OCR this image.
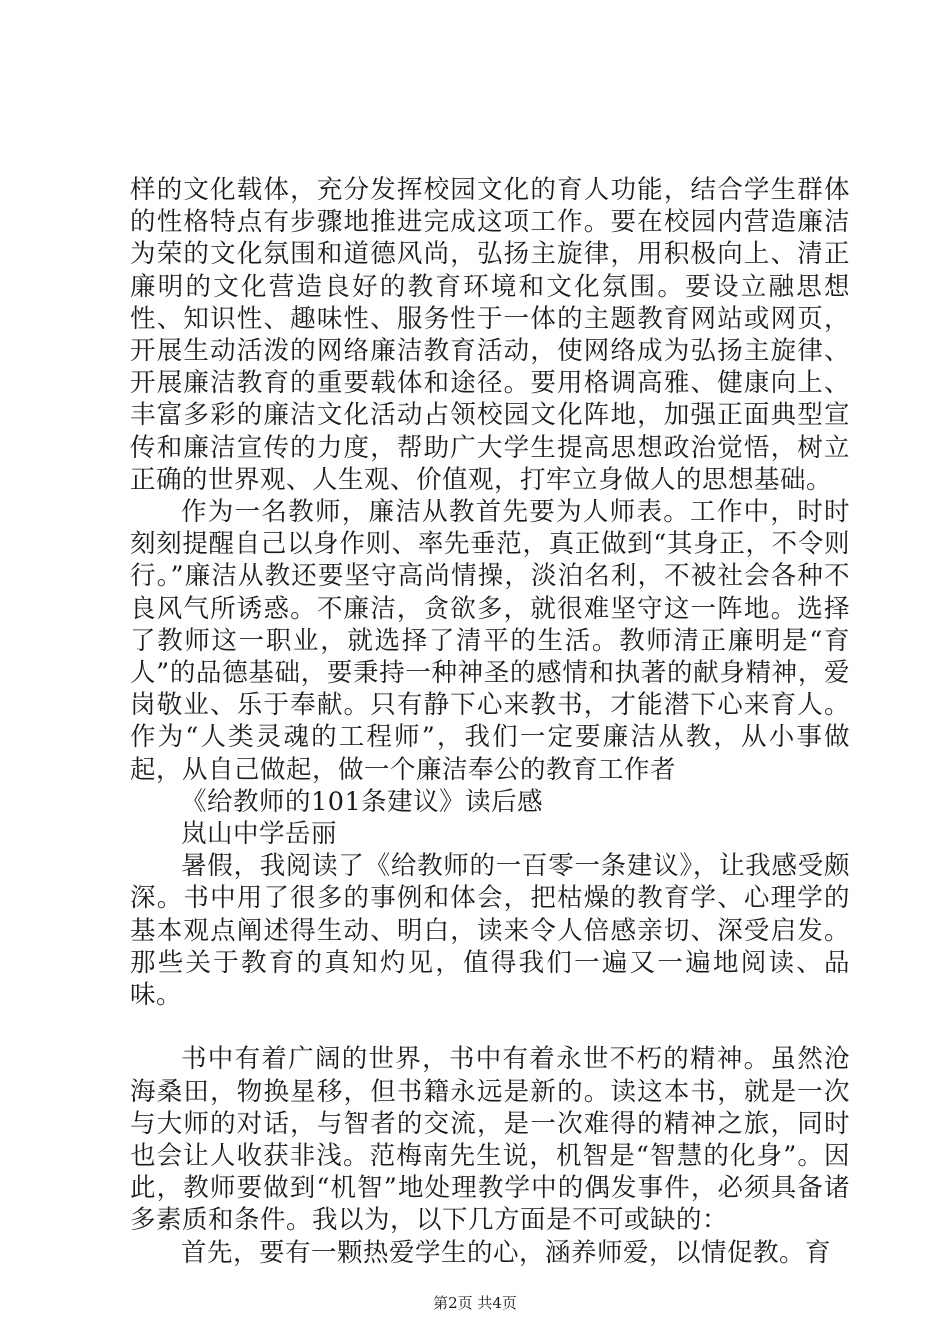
样的文化载体，充分发挥校园文化的育人功能，结合学生群体的性格特点有步骤地推进完成这项工作。要在校园内营造廉洁为荣的文化氛围和道德风尚，弘扬主旋律，用积极向上、清正廉明的文化营造良好的教育环境和文化氛围。要设立融思想性、知识性、趣味性、服务性于一体的主题教育网站或网页，开展生动活泼的网络廉洁教育活动，使网络成为弘扬主旋律、开展廉洁教育的重要载体和途径。要用格调高雅、健康向上、丰富多彩的廉洁文化活动占领校园文化阵地，加强正面典型宣传和廉洁宣传的力度，帮助广大学生提高思想政治觉悟，树立正确的世界观、人生观、价值观，打牢立身做人的思想基础。

作为一名教师，廉洁从教首先要为人师表。工作中，时时刻刻提醒自己以身作则、率先垂范，真正做到“其身正，不令则行。”廉洁从教还要坚守高尚情操，淡泊名利，不被社会各种不良风气所诱惑。不廉洁，贪欲多，就很难坚守这一阵地。选择了教师这一职业，就选择了清平的生活。教师清正廉明是“育人”的品德基础，要秉持一种神圣的感情和执著的献身精神，爱岗敬业、乐于奉献。只有静下心来教书，才能潜下心来育人。作为“人类灵魂的工程师”，我们一定要廉洁从教，从小事做起，从自己做起，做一个廉洁奉公的教育工作者

《给教师的101条建议》读后感

岚山中学岳丽

暑假，我阅读了《给教师的一百零一条建议》，让我感受颇深。书中用了很多的事例和体会，把枯燥的教育学、心理学的基本观点阐述得生动、明白，读来令人倍感亲切、深受启发。那些关于教育的真知灼见，值得我们一遍又一遍地阅读、品味。

书中有着广阔的世界，书中有着永世不朽的精神。虽然沧海桑田，物换星移，但书籍永远是新的。读这本书，就是一次与大师的对话，与智者的交流，是一次难得的精神之旅，同时也会让人收获非浅。范梅南先生说，机智是“智慧的化身”。因此，教师要做到“机智”地处理教学中的偶发事件，必须具备诸多素质和条件。我以为，以下几方面是不可或缺的：

首先，要有一颗热爱学生的心，涵养师爱，以情促教。育

第2页 共4页
